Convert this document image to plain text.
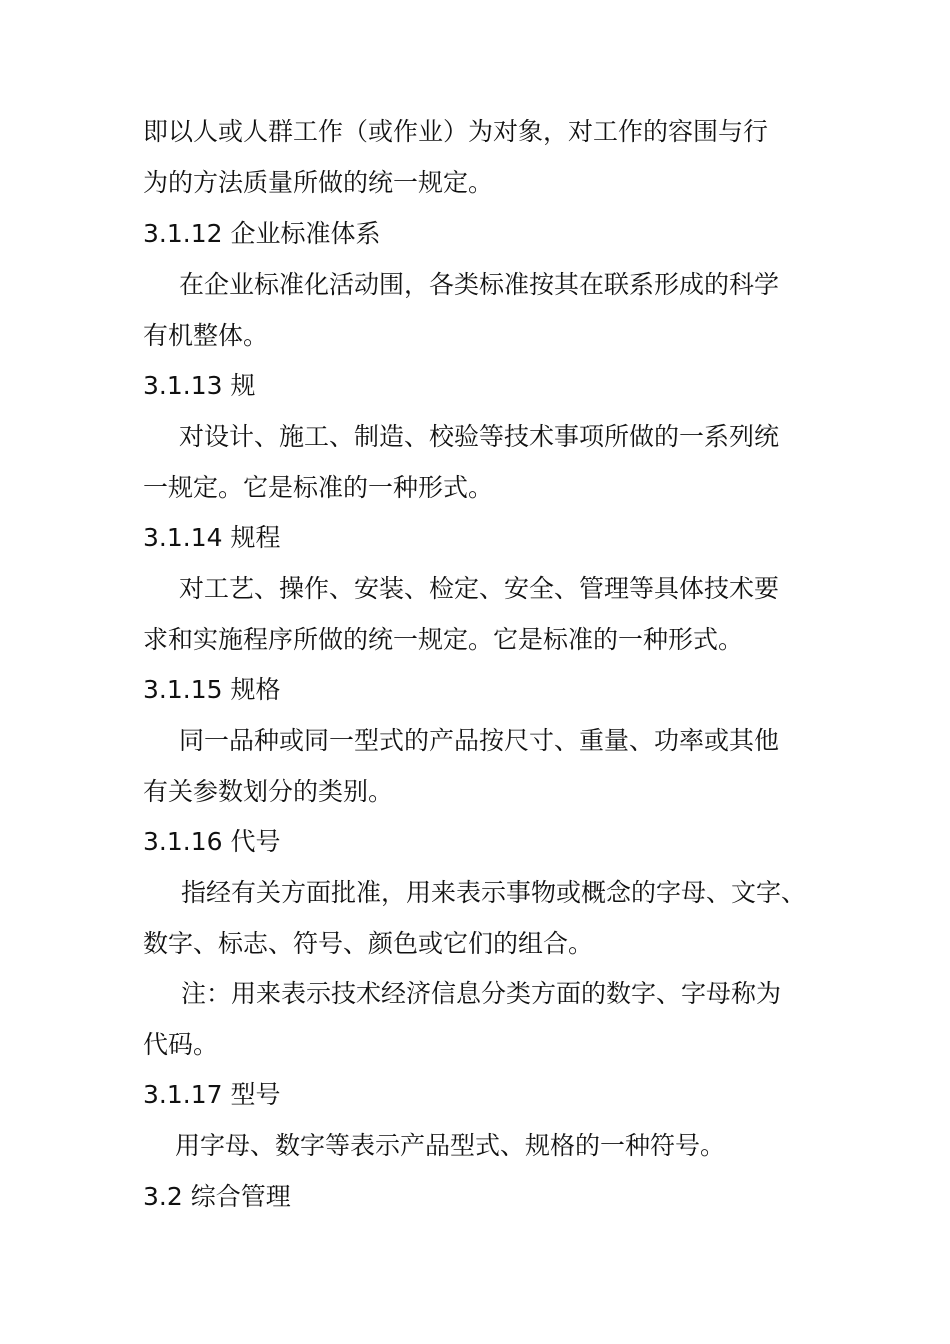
即以人或人群工作（或作业）为对象，对工作的容围与行
为的方法质量所做的统一规定。
3.1.12 企业标准体系
在企业标准化活动围，各类标准按其在联系形成的科学
有机整体。
3.1.13 规
对设计、施工、制造、校验等技术事项所做的一系列统
一规定。它是标准的一种形式。
3.1.14 规程
对工艺、操作、安装、检定、安全、管理等具体技术要
求和实施程序所做的统一规定。它是标准的一种形式。
3.1.15 规格
同一品种或同一型式的产品按尺寸、重量、功率或其他
有关参数划分的类别。
3.1.16 代号
指经有关方面批准，用来表示事物或概念的字母、文字、
数字、标志、符号、颜色或它们的组合。
注：用来表示技术经济信息分类方面的数字、字母称为
代码。
3.1.17 型号
用字母、数字等表示产品型式、规格的一种符号。
3.2 综合管理
